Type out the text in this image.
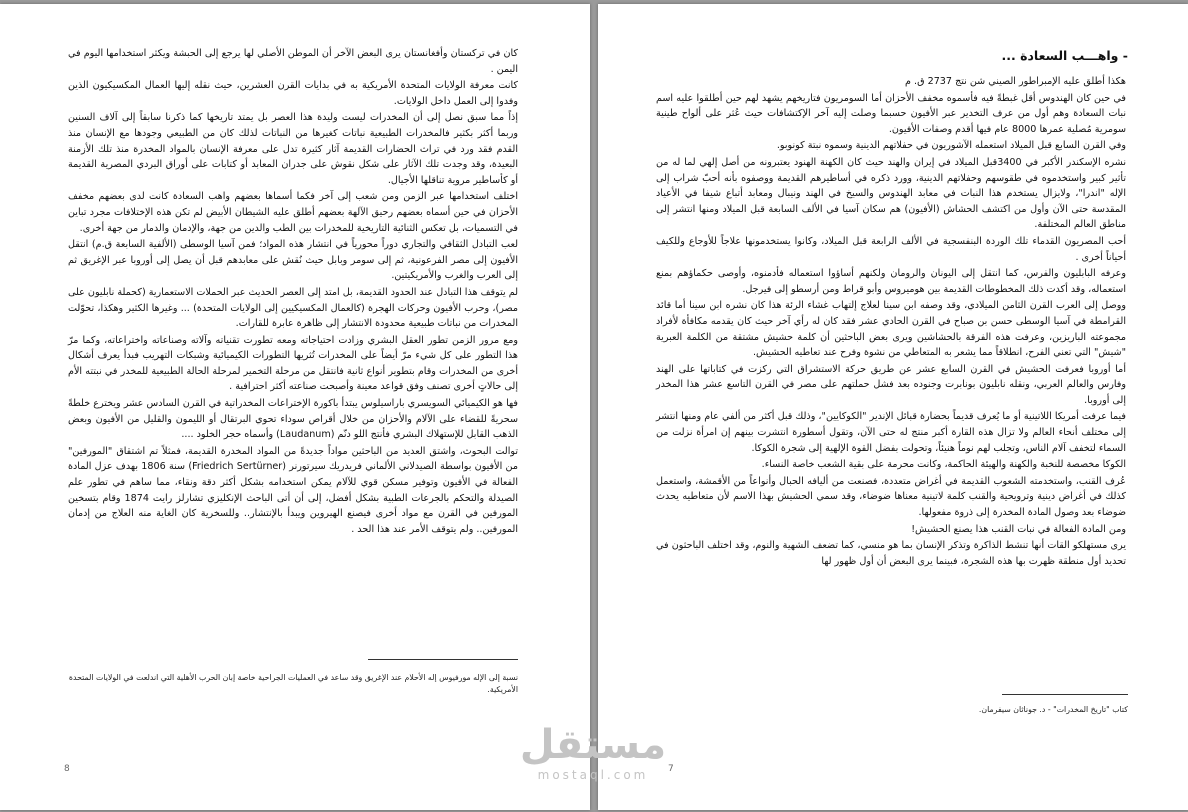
كان في تركستان وأفغانستان يرى البعض الآخر أن الموطن الأصلي لها يرجع إلى الحبشة ويكثر استخدامها اليوم في اليمن .

كانت معرفة الولايات المتحدة الأمريكية به في بدايات القرن العشرين، حيث نقله إليها العمال المكسيكيون الذين وفدوا إلى العمل داخل الولايات.

إذاً مما سبق نصل إلى أن المخدرات ليست وليدة هذا العصر بل يمتد تاريخها كما ذكرنا سابقاً إلى آلاف السنين وربما أكثر بكثير فالمخدرات الطبيعية نباتات كغيرها من النباتات لذلك كان من الطبيعي وجودها مع الإنسان منذ القدم فقد ورد في تراث الحضارات القديمة آثار كثيرة تدل على معرفة الإنسان بالمواد المخدرة منذ تلك الأزمنة البعيدة، وقد وجدت تلك الآثار على شكل نقوش على جدران المعابد أو كتابات على أوراق البردي المصرية القديمة أو كأساطير مروية تناقلها الأجيال.

اختلف استخدامها عبر الزمن ومن شعب إلى آخر فكما أسماها بعضهم واهب السعادة كانت لدى بعضهم مخفف الأحزان في حين أسماه بعضهم رحيق الآلهة بعضهم أطلق عليه الشيطان الأبيض لم تكن هذه الإختلافات مجرد تباين في التسميات، بل تعكس الثنائية التاريخية للمخدرات بين الطب والدين من جهة، والإدمان والدمار من جهة أخرى.

لعب التبادل الثقافي والتجاري دوراً محورياً في انتشار هذه المواد؛ فمن آسيا الوسطى (الألفية السابعة ق.م) انتقل الأفيون إلى مصر الفرعونية، ثم إلى سومر وبابل حيث نُقش على معابدهم قبل أن يصل إلى أوروبا عبر الإغريق ثم إلى العرب والغرب والأمريكيتين.

لم يتوقف هذا التبادل عند الحدود القديمة، بل امتد إلى العصر الحديث عبر الحملات الاستعمارية (كحملة نابليون على مصر)، وحرب الأفيون وحركات الهجرة (كالعمال المكسيكيين إلى الولايات المتحدة) ... وغيرها الكثير وهكذا، تحوّلت المخدرات من نباتات طبيعية محدودة الانتشار إلى ظاهرة عابرة للقارات.

ومع مرور الزمن تطور العقل البشري وزادت احتياجاته ومعه تطورت تقنياته وآلاته وصناعاته واختراعاته، وكما مرّ هذا التطور على كل شيء مرّ أيضاً على المخدرات تُثريها التطورات الكيميائية وشبكات التهريب فبدأ يعرف أشكال أخرى من المخدرات وقام بتطوير أنواع ثانية فانتقل من مرحلة التخمير لمرحلة الحالة الطبيعية للمخدر في نبتته الأم إلى حالاتٍ أخرى تصنف وفق قواعد معينة وأصبحت صناعته أكثر احترافية .

فها هو الكيميائي السويسري باراسيلوس يبتدأ باكورة الإختراعات المخدراتية في القرن السادس عشر ويخترع خلطةً سحريةً للقضاء على الآلام والأحزان من خلال أقراص سوداء تحوي البرتقال أو الليمون والقليل من الأفيون وبعض الذهب القابل للإستهلاك البشري فأنتج اللو دنّم (Laudanum) وأسماه حجر الخلود ....

توالت البحوث، واشتق العديد من الباحثين مواداً جديدةً من المواد المخدرة القديمة، فمثلاً تم اشتقاق "المورفين" من الأفيون بواسطة الصيدلاني الألماني فريدريك سيرتورنر (Friedrich Sertürner) سنة 1806 بهدف عزل المادة الفعالة في الأفيون وتوفير مسكن قوي للآلام يمكن استخدامه بشكل أكثر دقة ونقاء، مما ساهم في تطور علم الصيدلة والتحكم بالجرعات الطبية بشكل أفضل، إلى أن أتى الباحث الإنكليزي تشارلز رايت 1874 وقام بتسخين المورفين في القرن مع مواد أخرى فيصنع الهيروين ويبدأ بالإنتشار.. وللسخرية كان الغاية منه العلاج من إدمان المورفين.. ولم يتوقف الأمر عند هذا الحد .

نسبة إلى الإله مورفيوس إله الأحلام عند الإغريق وقد ساعد في العمليات الجراحية خاصة إبان الحرب الأهلية التي اندلعت في الولايات المتحدة الأمريكية.
8
- واهـــب السعادة ...

هكذا أطلق عليه الإمبراطور الصيني شن نتج 2737 ق. م

في حين كان الهندوس أقل غبطةً فيه فأسموه مخفف الأحزان أما السومريون فتاريخهم يشهد لهم حين أطلقوا عليه اسم نبات السعادة وهم أول من عرف التخدير عبر الأفيون حسبما وصلت إليه آخر الإكتشافات حيث عُثر على ألواح طينية سومرية مُصلية عمرها 8000 عام فيها أقدم وصفات الأفيون.

وفي القرن السابع قبل الميلاد استعمله الآشوريون في حفلاتهم الدينية وسموه نبتة كونوبو.

نشره الإسكندر الأكبر في 3400قبل الميلاد في إيران والهند حيث كان الكهنة الهنود يعتبرونه من أصل إلهي لما له من تأثير كبير واستخدموه في طقوسهم وحفلاتهم الدينية، وورد ذكره في أساطيرهم القديمة ووصفوه بأنه أحبّ شراب إلى الإله "اندرا"، ولايزال يستخدم هذا النبات في معابد الهندوس والسيخ في الهند ونيبال ومعابد أتباع شيفا في الأعياد المقدسة حتى الآن وأول من اكتشف الحشاش (الأفيون) هم سكان آسيا في الألف السابعة قبل الميلاد ومنها انتشر إلى مناطق العالم المختلفة.

أحب المصريون القدماء تلك الوردة البنفسجية في الألف الرابعة قبل الميلاد، وكانوا يستخدمونها علاجاً للأوجاع وللكيف أحياناً أخرى .

وعرفه البابليون والفرس، كما انتقل إلى اليونان والرومان ولكنهم أساؤوا استعماله فأدمنوه، وأوصى حكماؤهم بمنع استعماله، وقد أكدت ذلك المخطوطات القديمة بين هوميروس وأبو قراط ومن أرسطو إلى فيرجل.

ووصل إلى العرب القرن الثامن الميلادي، وقد وصفه ابن سينا لعلاج إلتهاب غشاء الرئة هذا كان نشره ابن سينا أما قائد القرامطة في آسيا الوسطى حسن بن صباح في القرن الحادي عشر فقد كان له رأي آخر حيث كان يقدمه مكافأة لأفراد مجموعته الباريزين، وعرفت هذه الفرقة بالحشاشين ويرى بعض الباحثين أن كلمة حشيش مشتقة من الكلمة العبرية "شيش" التي تعني الفرح، انطلاقاً مما يشعر به المتعاطي من نشوة وفرح عند تعاطيه الحشيش.

أما أوروبا فعرفت الحشيش في القرن السابع عشر عن طريق حركة الاستشراق التي ركزت في كتاباتها على الهند وفارس والعالم العربي، ونقله نابليون بونابرت وجنوده بعد فشل حملتهم على مصر في القرن التاسع عشر هذا المخدر إلى أوروبا.

فيما عرفت أمريكا اللاتينية أو ما يُعرف قديماً بحضارة قبائل الإندير "الكوكايين"، وذلك قبل أكثر من ألفي عام ومنها انتشر إلى مختلف أنحاء العالم ولا تزال هذه القارة أكبر منتج له حتى الآن، وتقول أسطورة انتشرت بينهم إن امرأة نزلت من السماء لتخفف آلام الناس، وتجلب لهم نوماً هنيئاً، وتحولت بفضل القوة الإلهية إلى شجرة الكوكا.

الكوكا مخصصة للنخبة والكهنة والهيئة الحاكمة، وكانت محرمة على بقية الشعب خاصة النساء.

عُرف القنب، واستخدمته الشعوب القديمة في أغراض متعددة، فصنعت من أليافه الحبال وأنواعاً من الأقمشة، واستعمل كذلك في أغراض دينية وترويحية والقنب كلمة لاتينية معناها ضوضاء، وقد سمي الحشيش بهذا الاسم لأن متعاطيه يحدث ضوضاء بعد وصول المادة المخدرة إلى ذروة مفعولها.

ومن المادة الفعالة في نبات القنب هذا يصنع الحشيش!

يرى مستهلكو القات أنها تنشط الذاكرة وتذكر الإنسان بما هو منسي، كما تضعف الشهية والنوم، وقد اختلف الباحثون في تحديد أول منطقة ظهرت بها هذه الشجرة، فبينما يرى البعض أن أول ظهور لها

كتاب "تاريخ المخدرات" - د. جوناثان سيفرمان.
7
مستقل
mostaql.com
